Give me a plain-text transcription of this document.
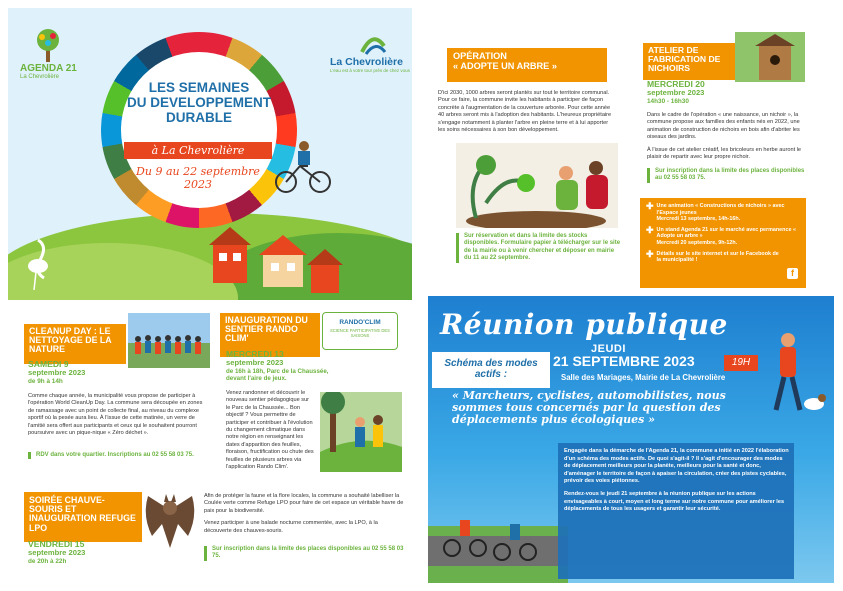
AGENDA 21
La Chevrolière
La Chevrolière
L'eau est à votre tour près de chez vous
LES SEMAINES
DU DEVELOPPEMENT
DURABLE
à La Chevrolière
Du 9 au 22 septembre
2023
OPÉRATION
« ADOPTE UN ARBRE »
D'ici 2030, 1000 arbres seront plantés sur tout le territoire communal. Pour ce faire, la commune invite les habitants à participer de façon concrète à l'augmentation de la couverture arborée. Pour cette année 40 arbres seront mis à l'adoption des habitants. L'heureux propriétaire s'engage notamment à planter l'arbre en pleine terre et à lui apporter les soins nécessaires à son bon développement.
Sur réservation et dans la limite des stocks disponibles. Formulaire papier à télécharger sur le site de la mairie ou à venir chercher et déposer en mairie du 11 au 22 septembre.
ATELIER DE FABRICATION DE NICHOIRS
MERCREDI 20
septembre 2023
14h30 - 16h30
Dans le cadre de l'opération « une naissance, un nichoir », la commune propose aux familles des enfants nés en 2022, une animation de construction de nichoirs en bois afin d'abriter les oiseaux des jardins.
À l'issue de cet atelier créatif, les bricoleurs en herbe auront le plaisir de repartir avec leur propre nichoir.
Sur inscription dans la limite des places disponibles au 02 55 58 03 75.
✚ Une animation « Constructions de nichoirs » avec l'Espace jeunes
Mercredi 13 septembre, 14h-16h.
✚ Un stand Agenda 21 sur le marché avec permanence « Adopte un arbre »
Mercredi 20 septembre, 9h-12h.
✚ Détails sur le site internet et sur le Facebook de la municipalité !
f
CLEANUP DAY : LE NETTOYAGE DE LA NATURE
SAMEDI 9
septembre 2023
de 9h à 14h
Comme chaque année, la municipalité vous propose de participer à l'opération World CleanUp Day. La commune sera découpée en zones de ramassage avec un point de collecte final, au niveau du complexe sportif où la pesée aura lieu. À l'issue de cette matinée, un verre de l'amitié sera offert aux participants et ceux qui le souhaitent pourront poursuivre avec un pique-nique « Zéro déchet ».
RDV dans votre quartier. Inscriptions au 02 55 58 03 75.
INAUGURATION DU SENTIER RANDO CLIM'
RANDO'CLIM
SCIENCE PARTICIPATIVE DES SAISONS
MERCREDI 13
septembre 2023
de 16h à 18h, Parc de la Chaussée, devant l'aire de jeux.
Venez randonner et découvrir le nouveau sentier pédagogique sur le Parc de la Chaussée... Bon objectif ? Vous permettre de participer et contribuer à l'évolution du changement climatique dans notre région en renseignant les dates d'apparition des feuilles, floraison, fructification ou chute des feuilles de plusieurs arbres via l'application Rando Clim'.
SOIRÉE CHAUVE-SOURIS ET INAUGURATION REFUGE LPO
VENDREDI 15
septembre 2023
de 20h à 22h
Afin de protéger la faune et la flore locales, la commune a souhaité labelliser la Coulée verte comme Refuge LPO pour faire de cet espace un véritable havre de paix pour la biodiversité.
Venez participer à une balade nocturne commentée, avec la LPO, à la découverte des chauves-souris.
Sur inscription dans la limite des places disponibles au 02 55 58 03 75.
Réunion publique
Schéma des modes actifs :
JEUDI
21 SEPTEMBRE 2023	19H
Salle des Mariages, Mairie de La Chevrolière
« Marcheurs, cyclistes, automobilistes, nous sommes tous concernés par la question des déplacements plus écologiques »

Engagée dans la démarche de l'Agenda 21, la commune a initié en 2022 l'élaboration d'un schéma des modes actifs. De quoi s'agit-il ? Il s'agit d'encourager des modes de déplacement meilleurs pour la planète, meilleurs pour la santé et donc, d'aménager le territoire de façon à apaiser la circulation, créer des pistes cyclables, prévoir des voies piétonnes.

Rendez-vous le jeudi 21 septembre à la réunion publique sur les actions envisageables à court, moyen et long terme sur notre commune pour améliorer les déplacements de tous les usagers et garantir leur sécurité.
